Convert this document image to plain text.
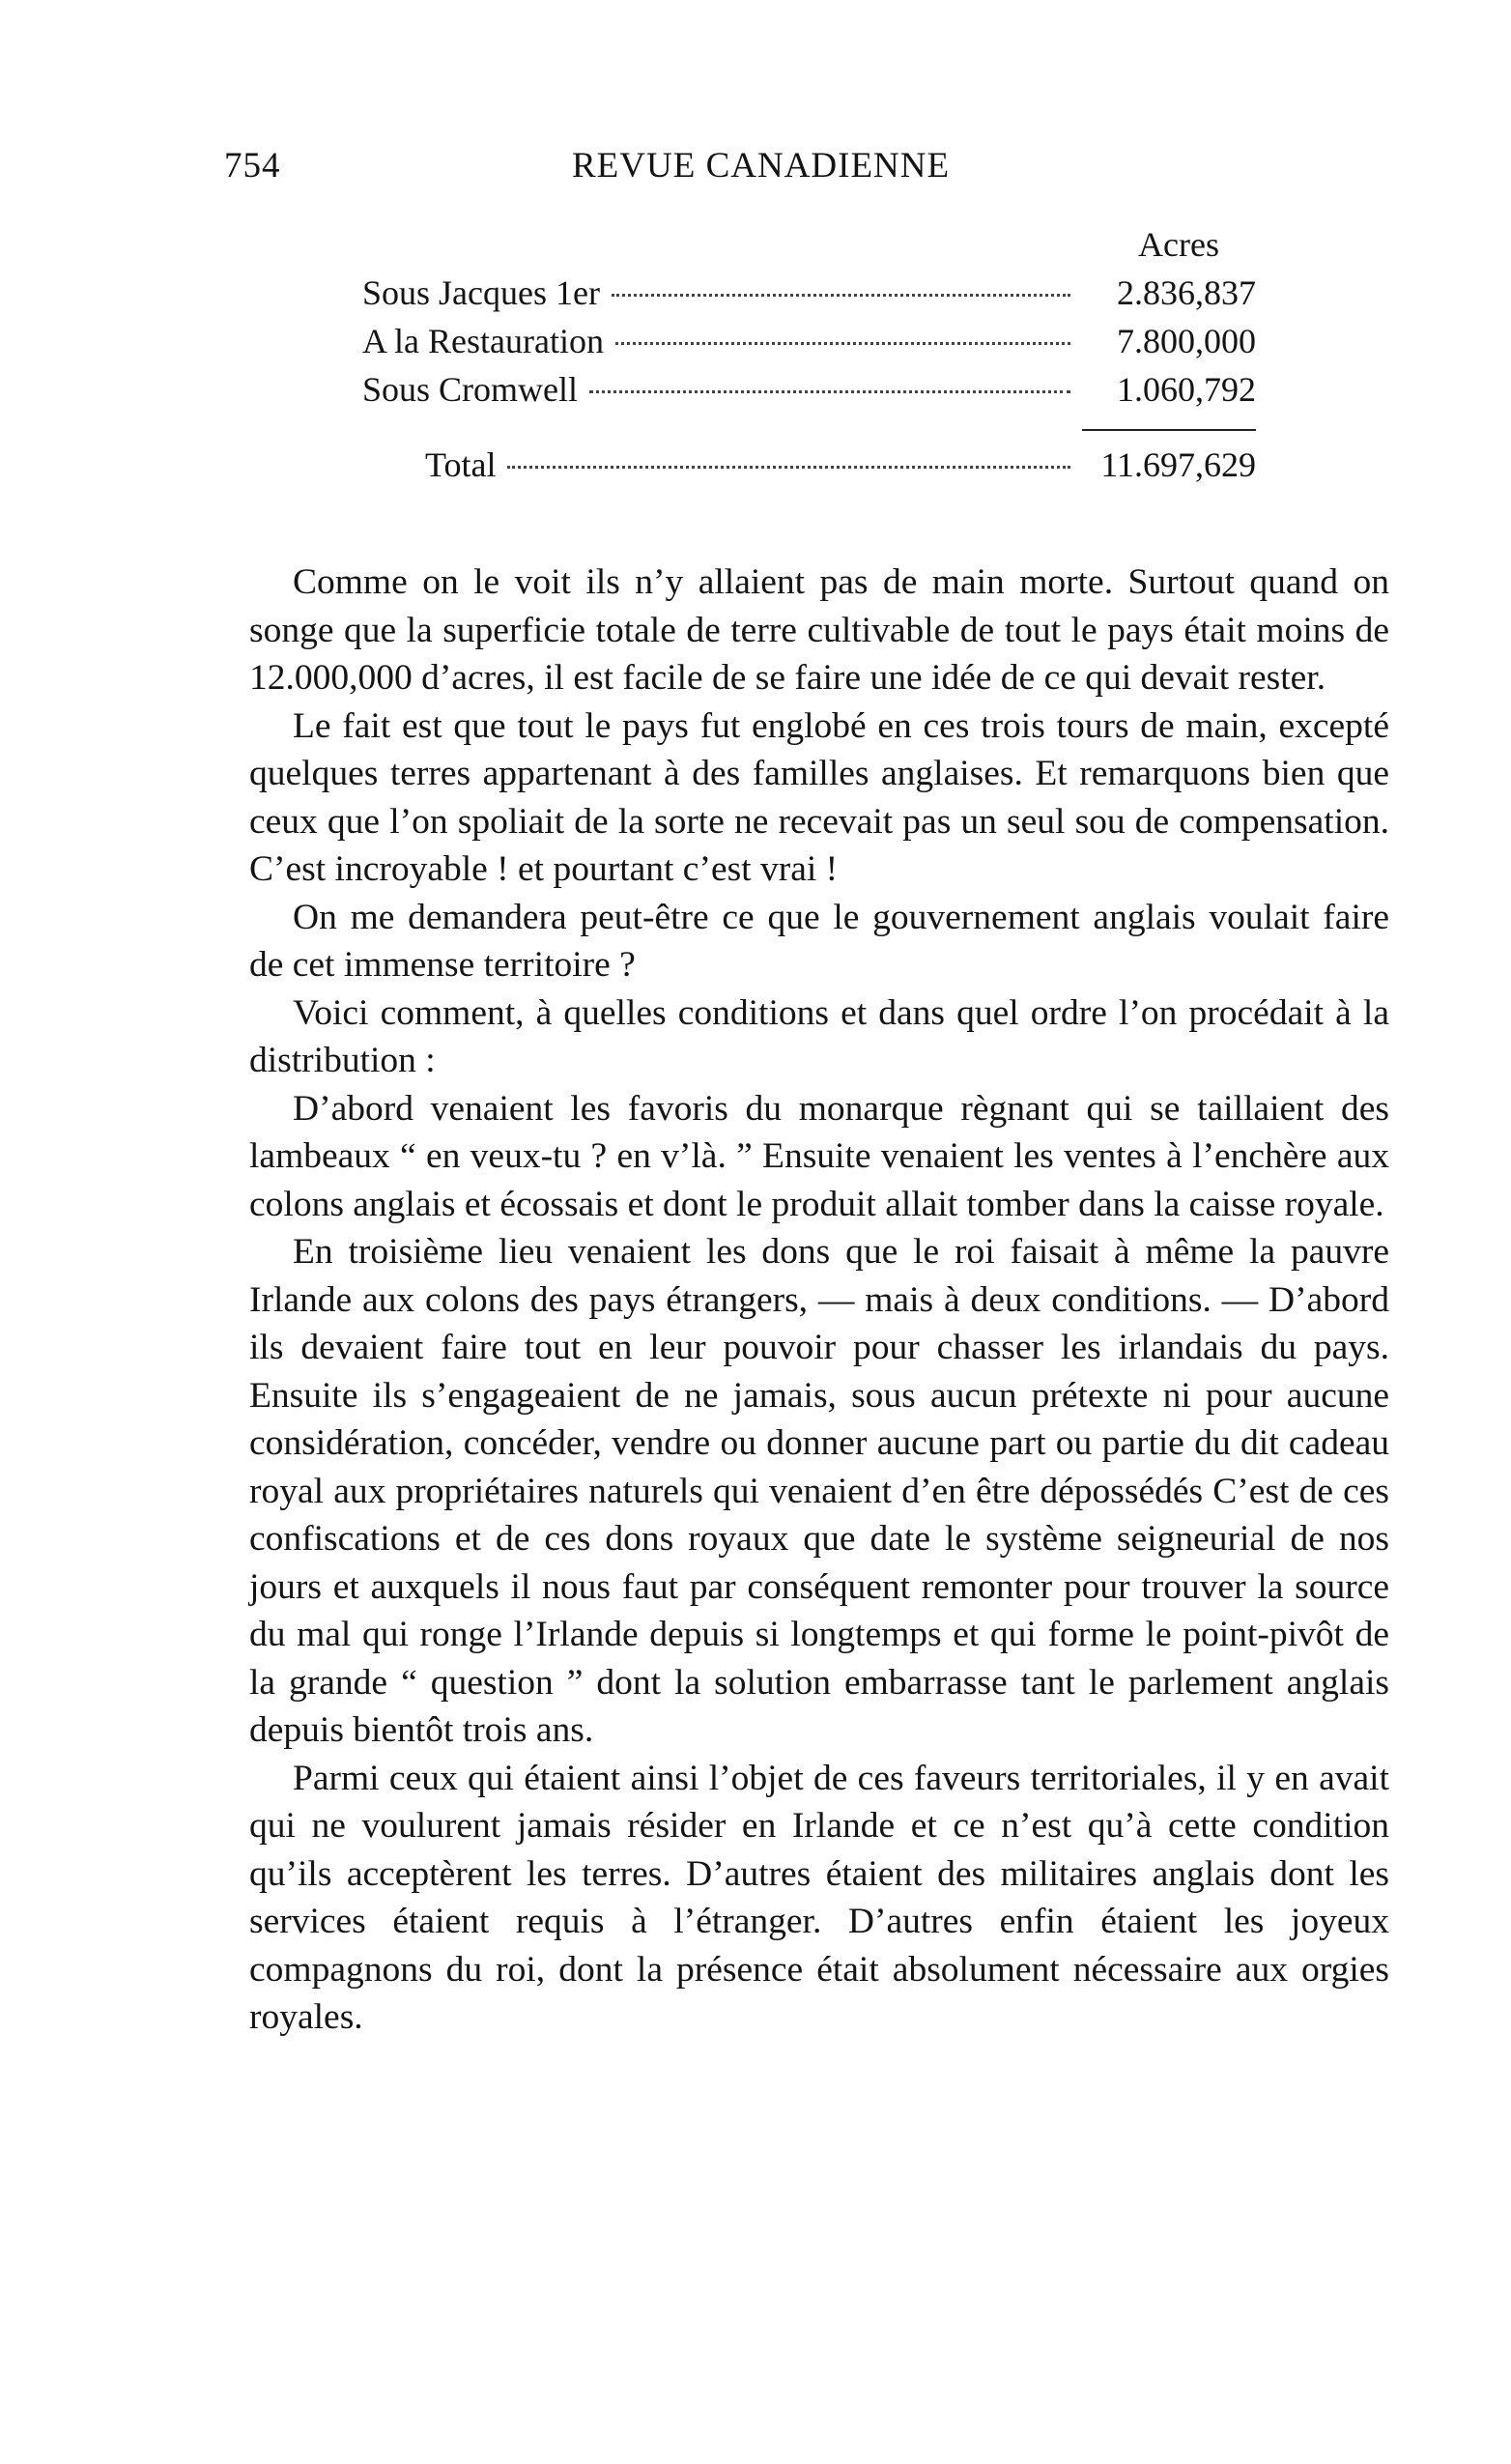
754	REVUE CANADIENNE
Acres
Sous Jacques 1er	2.836,837
A la Restauration	7.800,000
Sous Cromwell	1.060,792
Total	11.697,629

Comme on le voit ils n’y allaient pas de main morte. Surtout quand on songe que la superficie totale de terre cultivable de tout le pays était moins de 12.000,000 d’acres, il est facile de se faire une idée de ce qui devait rester.

Le fait est que tout le pays fut englobé en ces trois tours de main, excepté quelques terres appartenant à des familles anglaises. Et remarquons bien que ceux que l’on spoliait de la sorte ne recevait pas un seul sou de compensation. C’est incroyable ! et pourtant c’est vrai !

On me demandera peut-être ce que le gouvernement anglais voulait faire de cet immense territoire ?

Voici comment, à quelles conditions et dans quel ordre l’on procédait à la distribution :

D’abord venaient les favoris du monarque règnant qui se taillaient des lambeaux “ en veux-tu ? en v’là. ” Ensuite venaient les ventes à l’enchère aux colons anglais et écossais et dont le produit allait tomber dans la caisse royale.

En troisième lieu venaient les dons que le roi faisait à même la pauvre Irlande aux colons des pays étrangers, — mais à deux conditions. — D’abord ils devaient faire tout en leur pouvoir pour chasser les irlandais du pays. Ensuite ils s’engageaient de ne jamais, sous aucun prétexte ni pour aucune considération, concéder, vendre ou donner aucune part ou partie du dit cadeau royal aux propriétaires naturels qui venaient d’en être dépossédés C’est de ces confiscations et de ces dons royaux que date le système seigneurial de nos jours et auxquels il nous faut par conséquent remonter pour trouver la source du mal qui ronge l’Irlande depuis si longtemps et qui forme le point-pivôt de la grande “ question ” dont la solution embarrasse tant le parlement anglais depuis bientôt trois ans.

Parmi ceux qui étaient ainsi l’objet de ces faveurs territoriales, il y en avait qui ne voulurent jamais résider en Irlande et ce n’est qu’à cette condition qu’ils acceptèrent les terres. D’autres étaient des militaires anglais dont les services étaient requis à l’étranger. D’autres enfin étaient les joyeux compagnons du roi, dont la présence était absolument nécessaire aux orgies royales.
